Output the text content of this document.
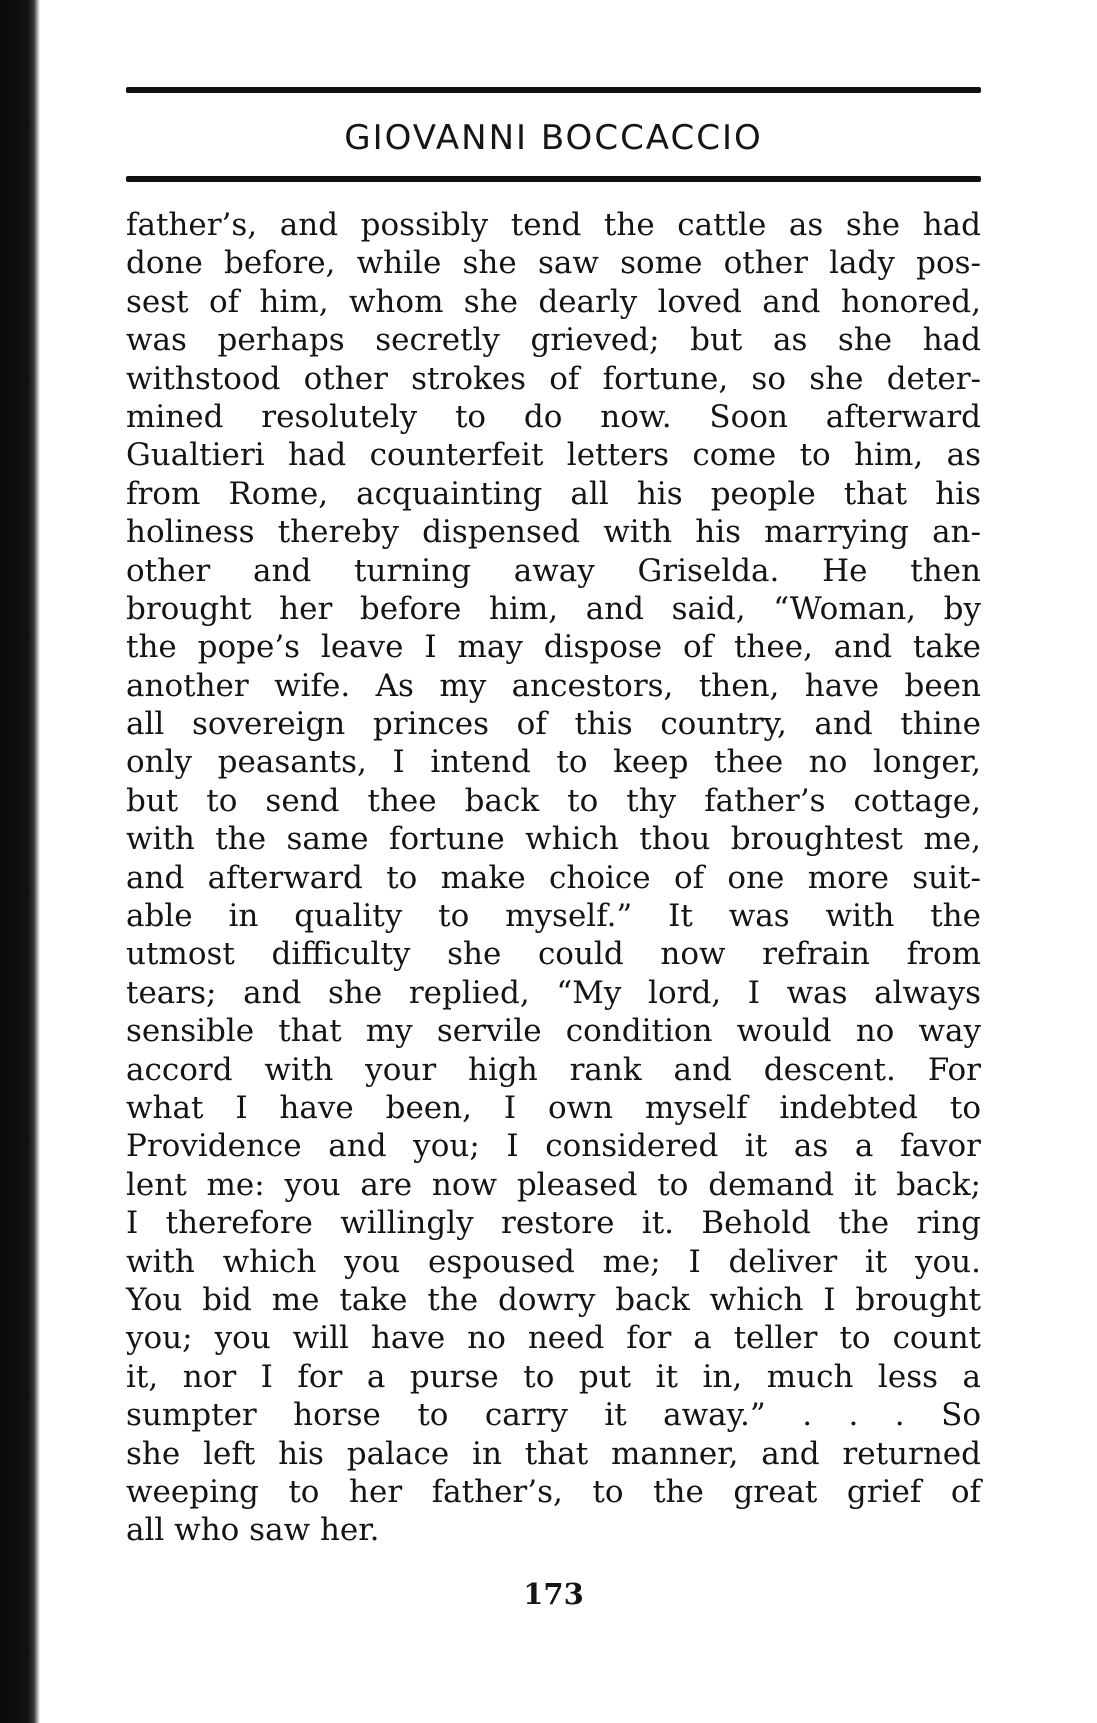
GIOVANNI BOCCACCIO
father’s, and possibly tend the cattle as she had
done before, while she saw some other lady pos-
sest of him, whom she dearly loved and honored,
was perhaps secretly grieved; but as she had
withstood other strokes of fortune, so she deter-
mined resolutely to do now. Soon afterward
Gualtieri had counterfeit letters come to him, as
from Rome, acquainting all his people that his
holiness thereby dispensed with his marrying an-
other and turning away Griselda. He then
brought her before him, and said, “Woman, by
the pope’s leave I may dispose of thee, and take
another wife. As my ancestors, then, have been
all sovereign princes of this country, and thine
only peasants, I intend to keep thee no longer,
but to send thee back to thy father’s cottage,
with the same fortune which thou broughtest me,
and afterward to make choice of one more suit-
able in quality to myself.” It was with the
utmost difficulty she could now refrain from
tears; and she replied, “My lord, I was always
sensible that my servile condition would no way
accord with your high rank and descent. For
what I have been, I own myself indebted to
Providence and you; I considered it as a favor
lent me: you are now pleased to demand it back;
I therefore willingly restore it. Behold the ring
with which you espoused me; I deliver it you.
You bid me take the dowry back which I brought
you; you will have no need for a teller to count
it, nor I for a purse to put it in, much less a
sumpter horse to carry it away.” . . . So
she left his palace in that manner, and returned
weeping to her father’s, to the great grief of
all who saw her.
173
